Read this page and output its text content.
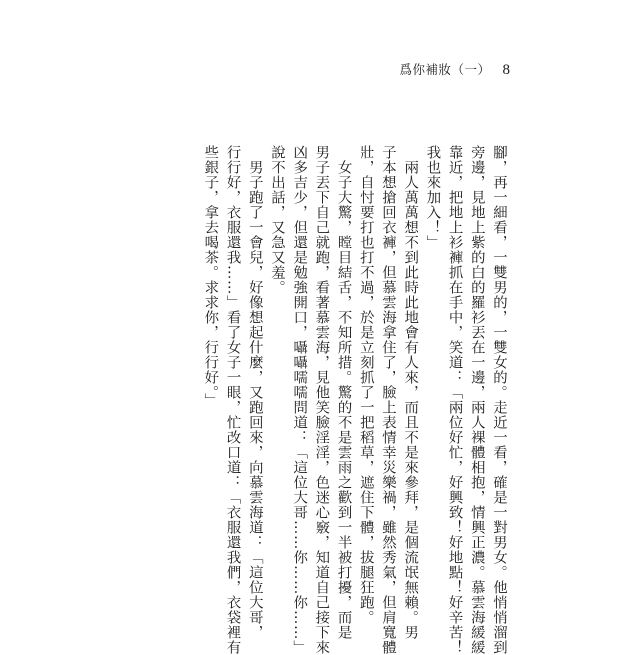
爲你補妝（一） 8
腳，再一細看，一雙男的，一雙女的。走近一看，確是一對男女。他悄悄溜到
旁邊，見地上紫的白的羅衫丟在一邊，兩人裸體相抱，情興正濃。慕雲海緩緩
靠近，把地上衫褲抓在手中，笑道：「兩位好忙，好興致！好地點！好辛苦！
我也來加入！」
　兩人萬萬想不到此時此地會有人來，而且不是來參拜，是個流氓無賴。男
子本想搶回衣褲，但慕雲海拿住了，臉上表情幸災樂禍，雖然秀氣，但肩寬體
壯，自忖要打也打不過，於是立刻抓了一把稻草，遮住下體，拔腿狂跑。
　女子大驚，瞠目結舌，不知所措。驚的不是雲雨之歡到一半被打擾，而是
男子丟下自己就跑，看著慕雲海，見他笑臉淫淫，色迷心竅，知道自己接下來
凶多吉少，但還是勉強開口，囁囁嚅嚅問道：「這位大哥……你……你……」
說不出話，又急又羞。
　男子跑了一會兒，好像想起什麼，又跑回來，向慕雲海道：「這位大哥，
行行好，衣服還我……」看了女子一眼，忙改口道：「衣服還我們，衣袋裡有
些銀子，拿去喝茶。求求你，行行好。」
